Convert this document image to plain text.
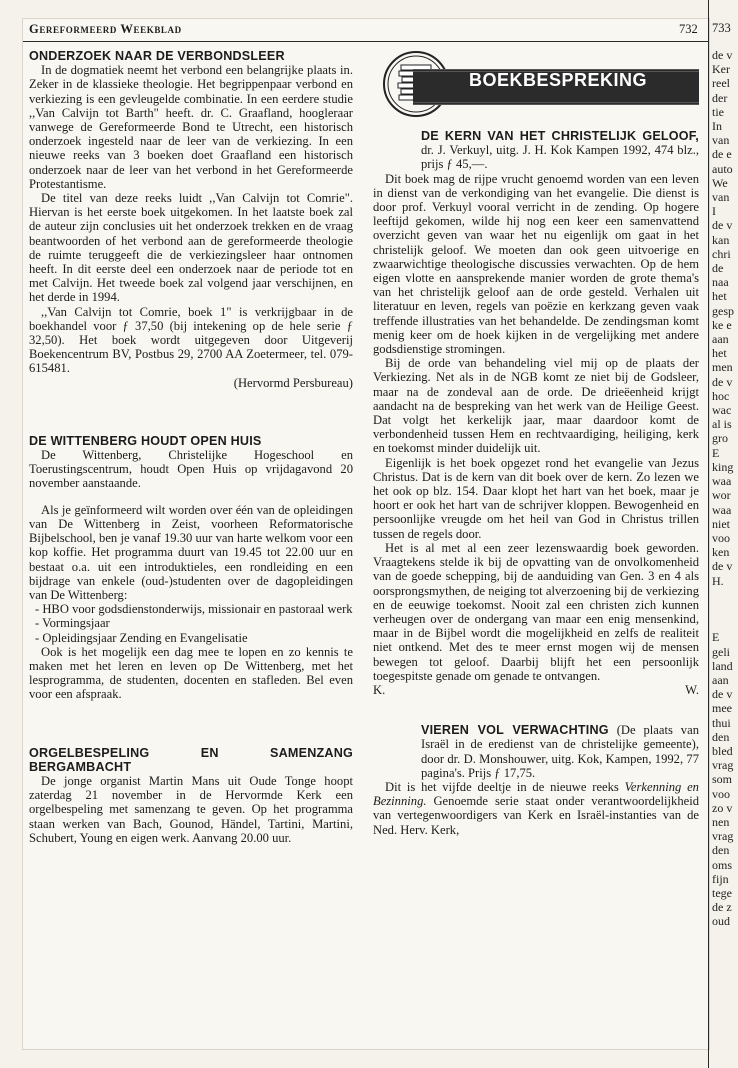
Gereformeerd Weekblad	732
ONDERZOEK NAAR DE VERBONDSLEER

In de dogmatiek neemt het verbond een belangrijke plaats in. Zeker in de klassieke theologie. Het begrippenpaar verbond en verkiezing is een gevleugelde combinatie. In een eerdere studie ,,Van Calvijn tot Barth" heeft. dr. C. Graafland, hoogleraar vanwege de Gereformeerde Bond te Utrecht, een historisch onderzoek ingesteld naar de leer van de verkiezing. In een nieuwe reeks van 3 boeken doet Graafland een historisch onderzoek naar de leer van het verbond in het Gereformeerde Protestantisme.

De titel van deze reeks luidt ,,Van Calvijn tot Comrie". Hiervan is het eerste boek uitgekomen. In het laatste boek zal de auteur zijn conclusies uit het onderzoek trekken en de vraag beantwoorden of het verbond aan de gereformeerde theologie de ruimte teruggeeft die de verkiezingsleer haar ontnomen heeft. In dit eerste deel een onderzoek naar de periode tot en met Calvijn. Het tweede boek zal volgend jaar verschijnen, en het derde in 1994.

,,Van Calvijn tot Comrie, boek 1" is verkrijgbaar in de boekhandel voor ƒ 37,50 (bij intekening op de hele serie ƒ 32,50). Het boek wordt uitgegeven door Uitgeverij Boekencentrum BV, Postbus 29, 2700 AA Zoetermeer, tel. 079-615481.

(Hervormd Persbureau)

DE WITTENBERG HOUDT OPEN HUIS

De Wittenberg, Christelijke Hogeschool en Toerustingscentrum, houdt Open Huis op vrijdagavond 20 november aanstaande.

Als je geïnformeerd wilt worden over één van de opleidingen van De Wittenberg in Zeist, voorheen Reformatorische Bijbelschool, ben je vanaf 19.30 uur van harte welkom voor een kop koffie. Het programma duurt van 19.45 tot 22.00 uur en bestaat o.a. uit een introduktieles, een rondleiding en een bijdrage van enkele (oud-)studenten over de dagopleidingen van De Wittenberg:

- HBO voor godsdienstonderwijs, missionair en pastoraal werk

- Vormingsjaar

- Opleidingsjaar Zending en Evangelisatie

Ook is het mogelijk een dag mee te lopen en zo kennis te maken met het leren en leven op De Wittenberg, met het lesprogramma, de studenten, docenten en stafleden. Bel even voor een afspraak.

ORGELBESPELING EN SAMENZANG BERGAMBACHT

De jonge organist Martin Mans uit Oude Tonge hoopt zaterdag 21 november in de Hervormde Kerk een orgelbespeling met samenzang te geven. Op het programma staan werken van Bach, Gounod, Händel, Tartini, Martini, Schubert, Young en eigen werk. Aanvang 20.00 uur.

BOEKBESPREKING
DE KERN VAN HET CHRISTELIJK GELOOF, dr. J. Verkuyl, uitg. J. H. Kok Kampen 1992, 474 blz., prijs ƒ 45,—.

Dit boek mag de rijpe vrucht genoemd worden van een leven in dienst van de verkondiging van het evangelie. Die dienst is door prof. Verkuyl vooral verricht in de zending. Op hogere leeftijd gekomen, wilde hij nog een keer een samenvattend overzicht geven van waar het nu eigenlijk om gaat in het christelijk geloof. We moeten dan ook geen uitvoerige en zwaarwichtige theologische discussies verwachten. Op de hem eigen vlotte en aansprekende manier worden de grote thema's van het christelijk geloof aan de orde gesteld. Verhalen uit literatuur en leven, regels van poëzie en kerkzang geven vaak treffende illustraties van het behandelde. De zendingsman komt menig keer om de hoek kijken in de vergelijking met andere godsdienstige stromingen.

Bij de orde van behandeling viel mij op de plaats der Verkiezing. Net als in de NGB komt ze niet bij de Godsleer, maar na de zondeval aan de orde. De drieëenheid krijgt aandacht na de bespreking van het werk van de Heilige Geest. Dat volgt het kerkelijk jaar, maar daardoor komt de verbondenheid tussen Hem en rechtvaardiging, heiliging, kerk en toekomst minder duidelijk uit.

Eigenlijk is het boek opgezet rond het evangelie van Jezus Christus. Dat is de kern van dit boek over de kern. Zo lezen we het ook op blz. 154. Daar klopt het hart van het boek, maar je hoort er ook het hart van de schrijver kloppen. Bewogenheid en persoonlijke vreugde om het heil van God in Christus trillen tussen de regels door.

Het is al met al een zeer lezenswaardig boek geworden. Vraagtekens stelde ik bij de opvatting van de onvolkomenheid van de goede schepping, bij de aanduiding van Gen. 3 en 4 als oorsprongsmythen, de neiging tot alverzoening bij de verkiezing en de eeuwige toekomst. Nooit zal een christen zich kunnen verheugen over de ondergang van maar een enig mensenkind, maar in de Bijbel wordt die mogelijkheid en zelfs de realiteit niet ontkend. Met des te meer ernst mogen wij de mensen bewegen tot geloof. Daarbij blijft het een persoonlijk toegespitste genade om genade te ontvangen.

K.	W.

VIEREN VOL VERWACHTING (De plaats van Israël in de eredienst van de christelijke gemeente), door dr. D. Monshouwer, uitg. Kok, Kampen, 1992, 77 pagina's. Prijs ƒ 17,75.

Dit is het vijfde deeltje in de nieuwe reeks Verkenning en Bezinning. Genoemde serie staat onder verantwoordelijkheid van vertegenwoordigers van Kerk en Israël-instanties van de Ned. Herv. Kerk,

733
de v
Ker
reel
der
tie
In
van
de e
auto
We
van
I
de v
kan
chri
de
naa
het
gesp
ke e
aan
het
men
de v
hoc
wac
al is
gro
E
king
waa
wor
waa
niet
voo
ken
de v
H.

E
geli
land
aan
de v
mee
thui
den
bled
vrag
som
voo
zo v
nen
vrag
den
oms
fijn
tege
de z
oud
